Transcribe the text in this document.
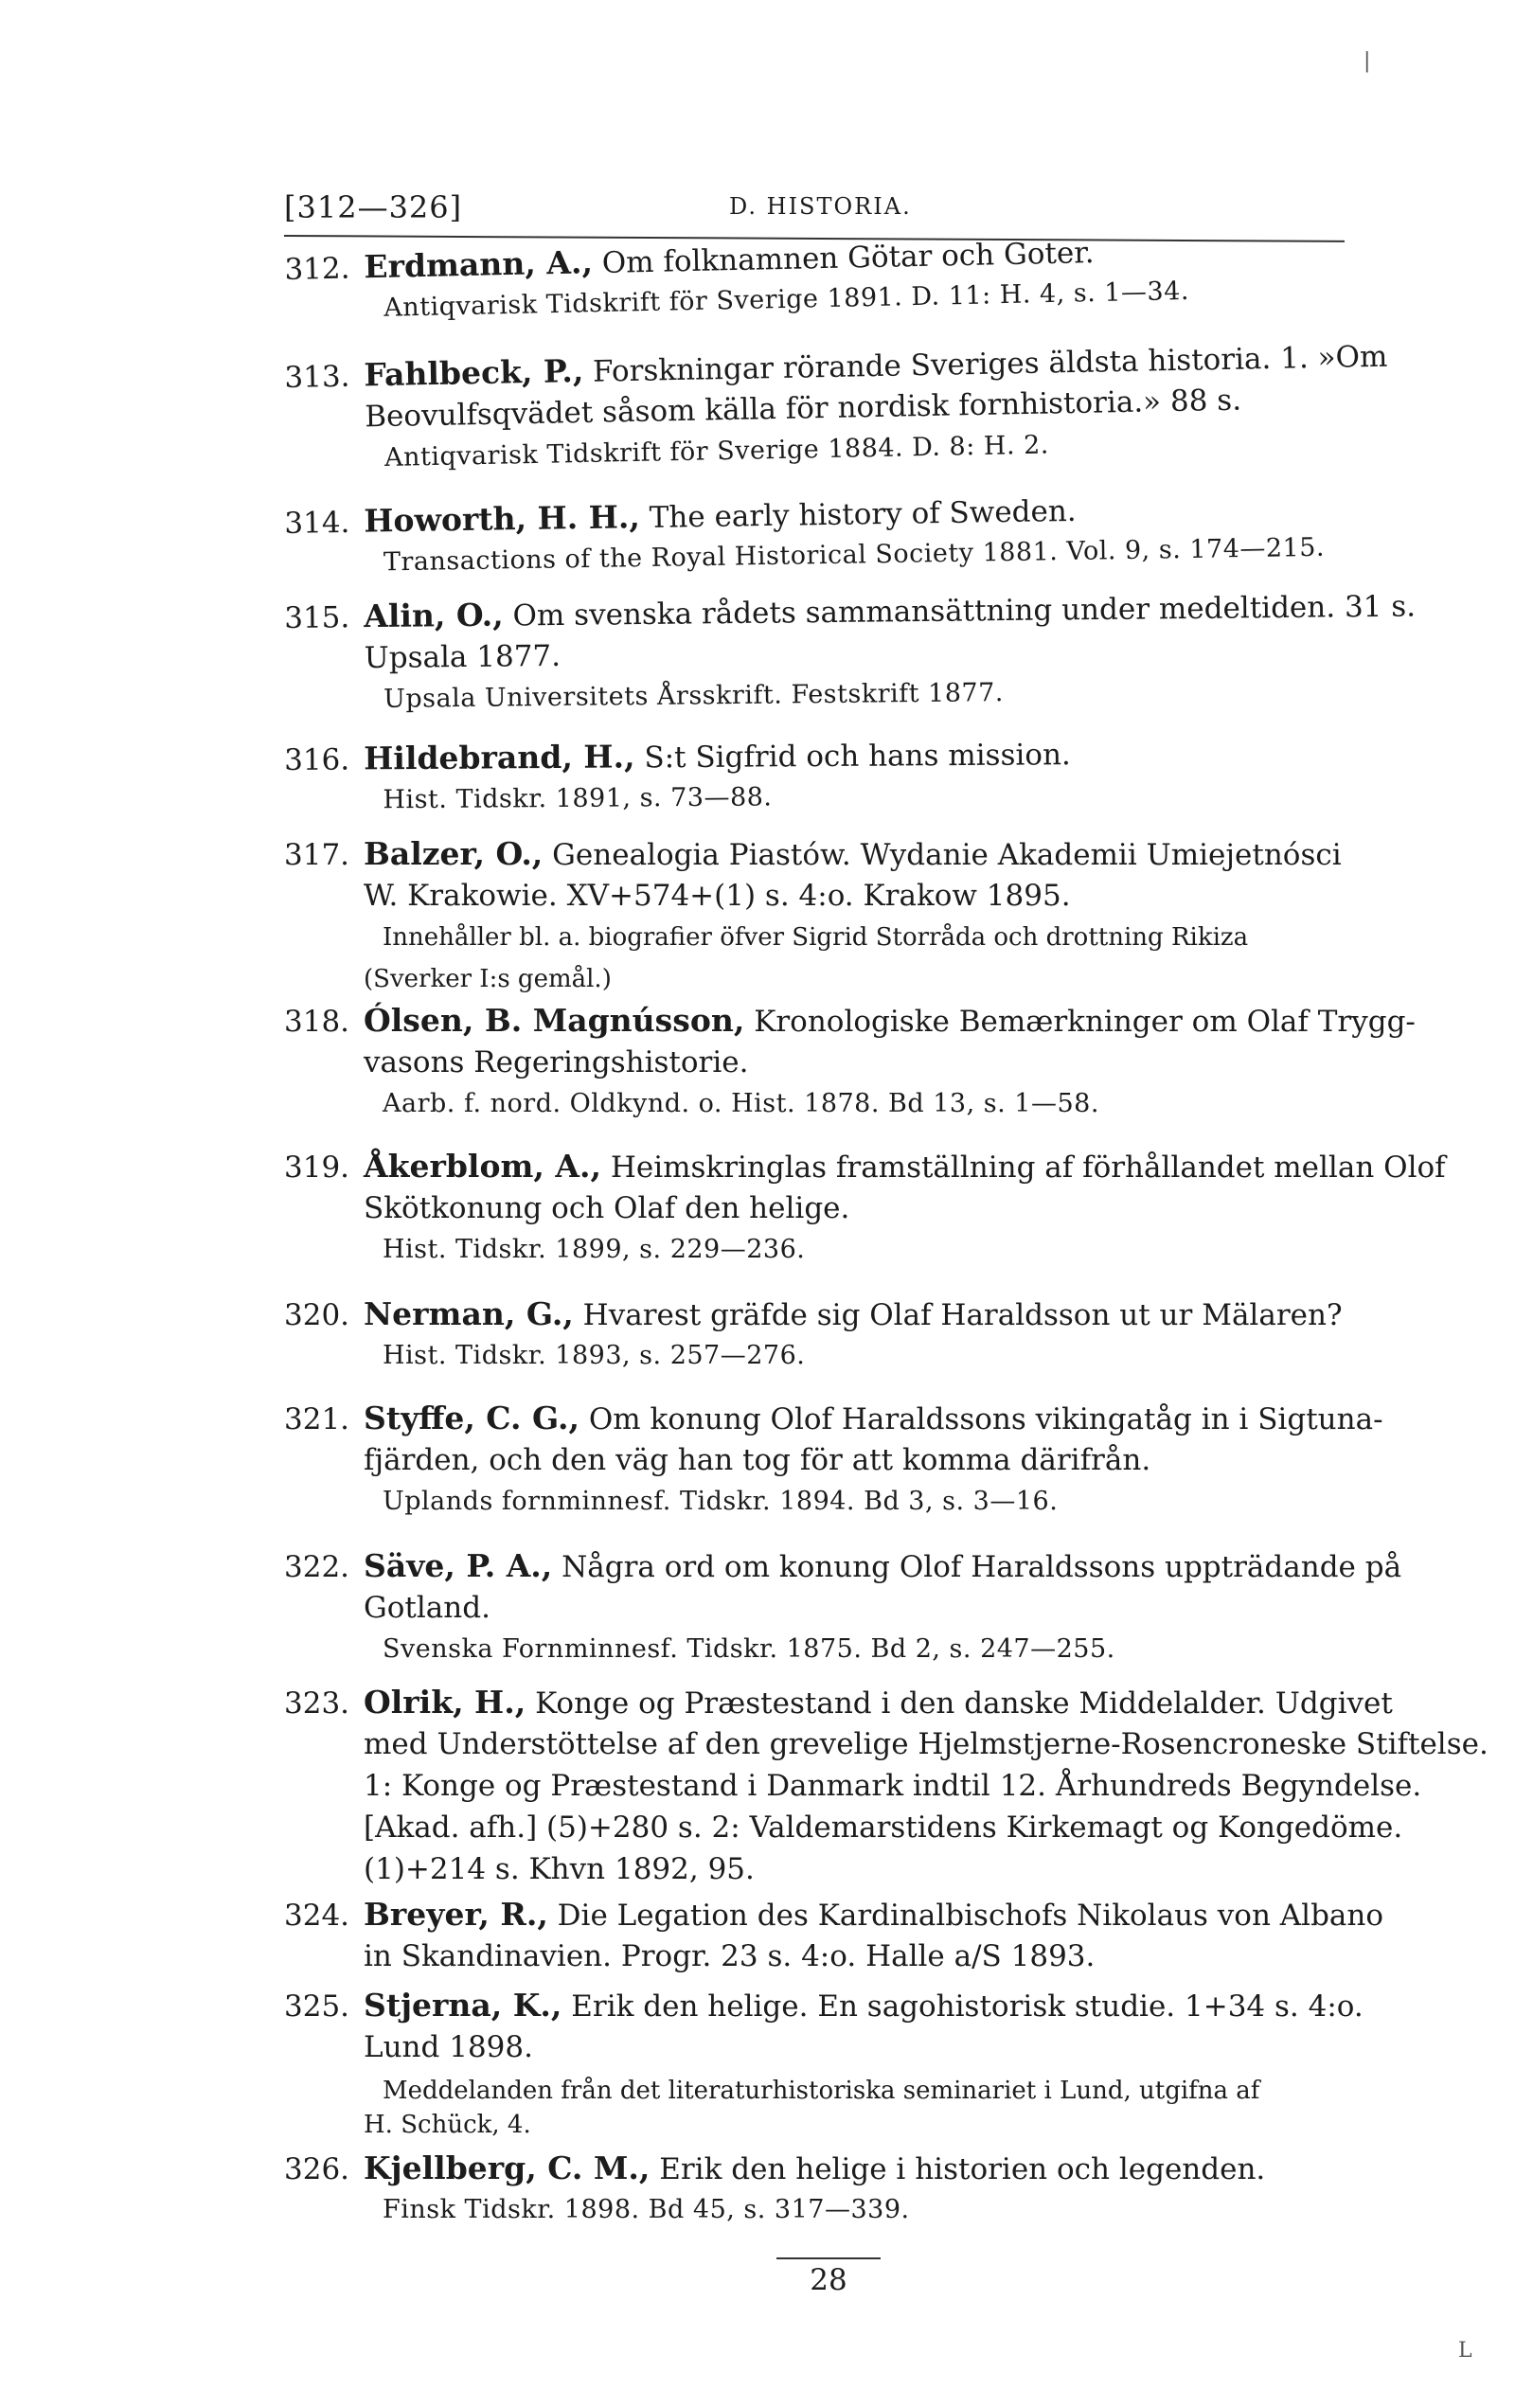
[312—326]	D. HISTORIA.
312. Erdmann, A., Om folknamnen Götar och Goter.
Antiqvarisk Tidskrift för Sverige 1891. D. 11: H. 4, s. 1—34.
313. Fahlbeck, P., Forskningar rörande Sveriges äldsta historia. 1. »Om
Beovulfsqvädet såsom källa för nordisk fornhistoria.» 88 s.
Antiqvarisk Tidskrift för Sverige 1884. D. 8: H. 2.
314. Howorth, H. H., The early history of Sweden.
Transactions of the Royal Historical Society 1881. Vol. 9, s. 174—215.
315. Alin, O., Om svenska rådets sammansättning under medeltiden. 31 s.
Upsala 1877.
Upsala Universitets Årsskrift. Festskrift 1877.
316. Hildebrand, H., S:t Sigfrid och hans mission.
Hist. Tidskr. 1891, s. 73—88.
317. Balzer, O., Genealogia Piastów. Wydanie Akademii Umiejetnósci
W. Krakowie. XV+574+(1) s. 4:o. Krakow 1895.
Innehåller bl. a. biografier öfver Sigrid Storråda och drottning Rikiza
(Sverker I:s gemål.)
318. Ólsen, B. Magnússon, Kronologiske Bemærkninger om Olaf Trygg-
vasons Regeringshistorie.
Aarb. f. nord. Oldkynd. o. Hist. 1878. Bd 13, s. 1—58.
319. Åkerblom, A., Heimskringlas framställning af förhållandet mellan Olof
Skötkonung och Olaf den helige.
Hist. Tidskr. 1899, s. 229—236.
320. Nerman, G., Hvarest gräfde sig Olaf Haraldsson ut ur Mälaren?
Hist. Tidskr. 1893, s. 257—276.
321. Styffe, C. G., Om konung Olof Haraldssons vikingatåg in i Sigtuna-
fjärden, och den väg han tog för att komma därifrån.
Uplands fornminnesf. Tidskr. 1894. Bd 3, s. 3—16.
322. Säve, P. A., Några ord om konung Olof Haraldssons uppträdande på
Gotland.
Svenska Fornminnesf. Tidskr. 1875. Bd 2, s. 247—255.
323. Olrik, H., Konge og Præstestand i den danske Middelalder. Udgivet
med Understöttelse af den grevelige Hjelmstjerne-Rosencroneske Stiftelse.
1: Konge og Præstestand i Danmark indtil 12. Århundreds Begyndelse.
[Akad. afh.] (5)+280 s. 2: Valdemarstidens Kirkemagt og Kongedöme.
(1)+214 s. Khvn 1892, 95.
324. Breyer, R., Die Legation des Kardinalbischofs Nikolaus von Albano
in Skandinavien. Progr. 23 s. 4:o. Halle a/S 1893.
325. Stjerna, K., Erik den helige. En sagohistorisk studie. 1+34 s. 4:o.
Lund 1898.
Meddelanden från det literaturhistoriska seminariet i Lund, utgifna af
H. Schück, 4.
28
|
L
326. Kjellberg, C. M., Erik den helige i historien och legenden.
Finsk Tidskr. 1898. Bd 45, s. 317—339.
